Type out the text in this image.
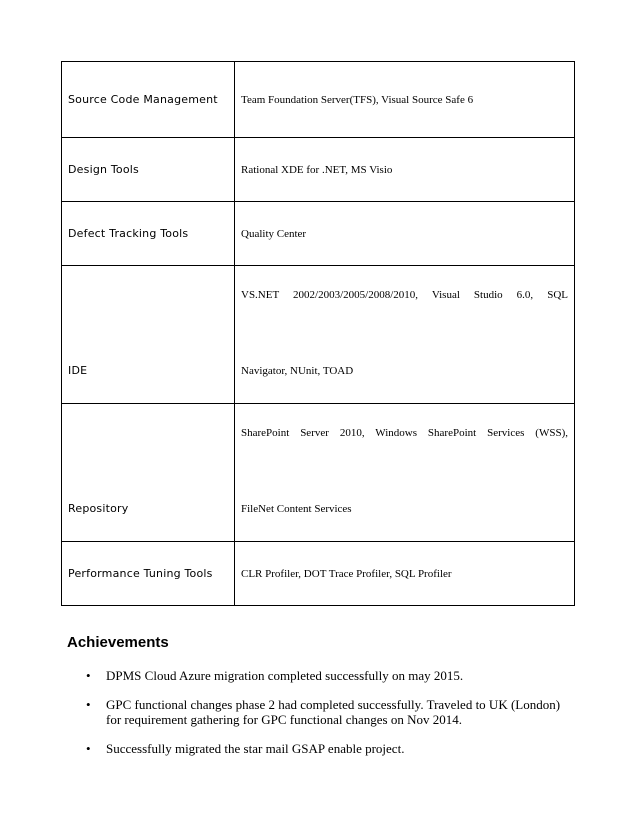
Source Code Management	Team Foundation Server(TFS), Visual Source Safe 6
Design Tools	Rational XDE for .NET, MS Visio
Defect Tracking Tools	Quality Center
IDE	VS.NET 2002/2003/2005/2008/2010, Visual Studio 6.0, SQL
Navigator, NUnit, TOAD

Repository	SharePoint Server 2010, Windows SharePoint Services (WSS),
FileNet Content Services

Performance Tuning Tools	CLR Profiler, DOT Trace Profiler, SQL Profiler
Achievements
• DPMS Cloud Azure migration completed successfully on may 2015.
• GPC functional changes phase 2 had completed successfully. Traveled to UK (London) for requirement gathering for GPC functional changes on Nov 2014.
• Successfully migrated the star mail GSAP enable project.
